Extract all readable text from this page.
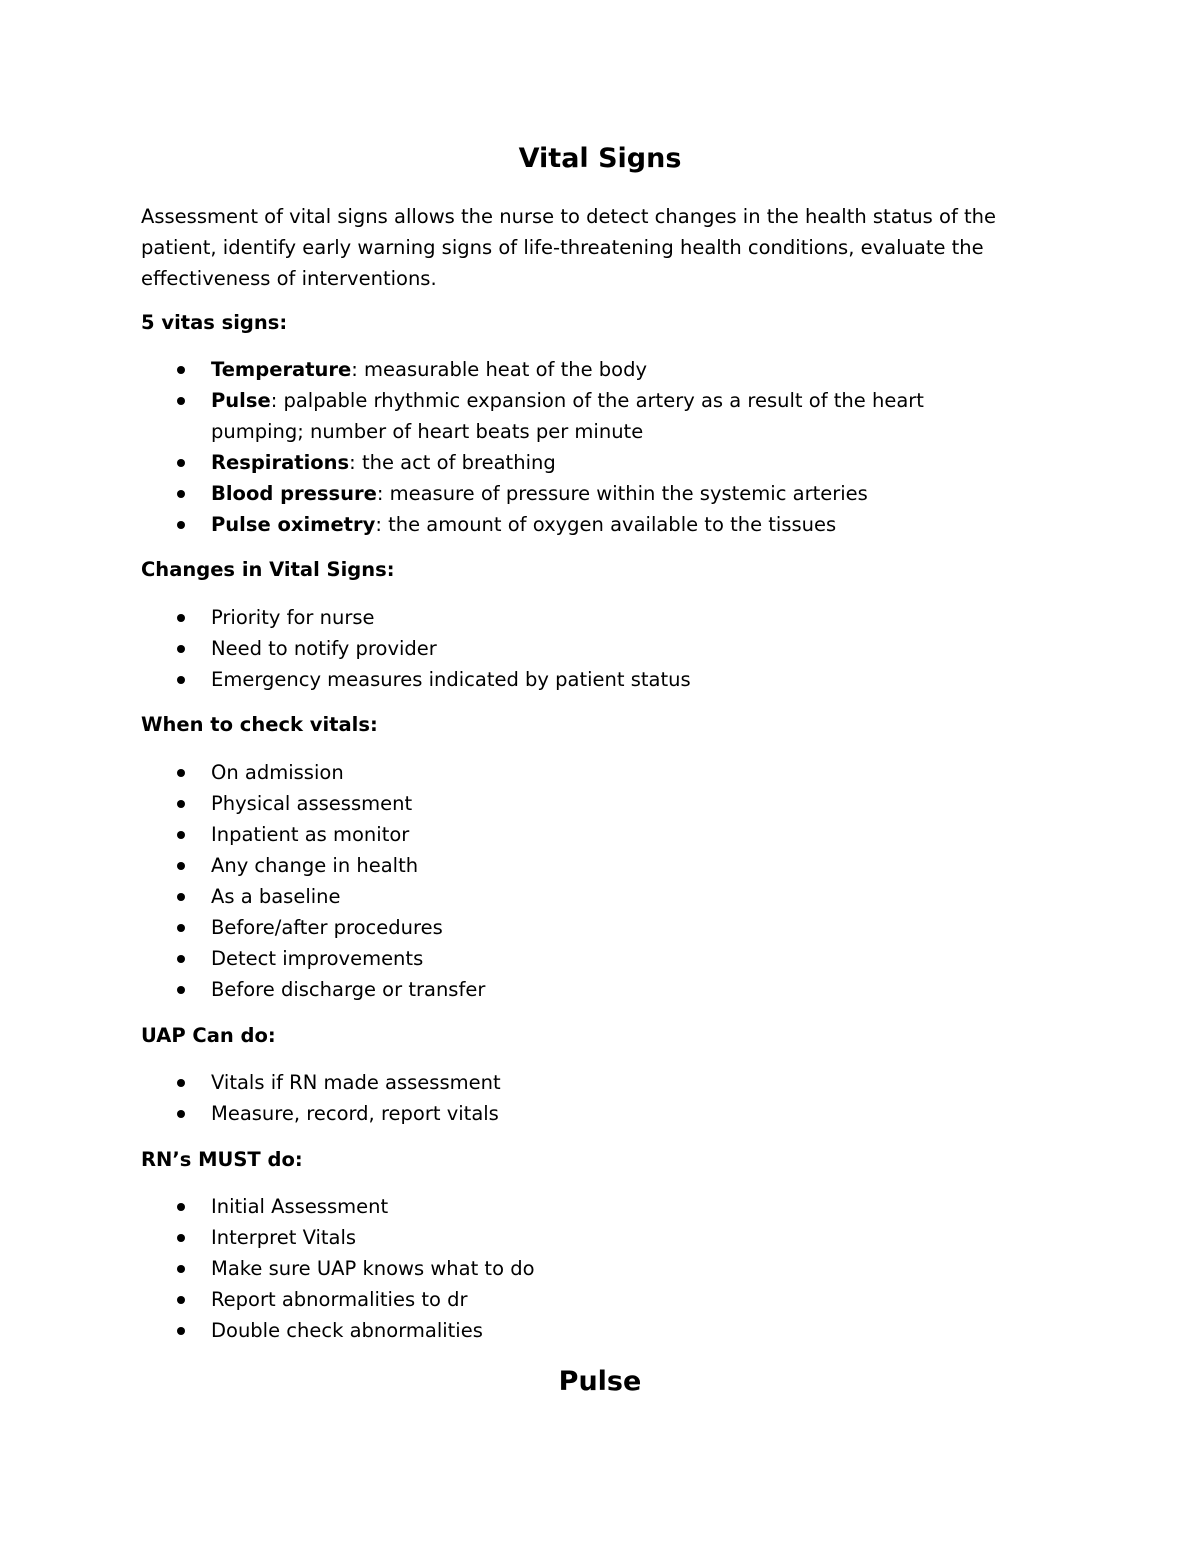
Vital Signs

Assessment of vital signs allows the nurse to detect changes in the health status of the patient, identify early warning signs of life-threatening health conditions, evaluate the effectiveness of interventions.

5 vitas signs:

Temperature: measurable heat of the body
Pulse: palpable rhythmic expansion of the artery as a result of the heart pumping; number of heart beats per minute
Respirations: the act of breathing
Blood pressure: measure of pressure within the systemic arteries
Pulse oximetry: the amount of oxygen available to the tissues

Changes in Vital Signs:

Priority for nurse
Need to notify provider
Emergency measures indicated by patient status

When to check vitals:

On admission
Physical assessment
Inpatient as monitor
Any change in health
As a baseline
Before/after procedures
Detect improvements
Before discharge or transfer

UAP Can do:

Vitals if RN made assessment
Measure, record, report vitals

RN’s MUST do:

Initial Assessment
Interpret Vitals
Make sure UAP knows what to do
Report abnormalities to dr
Double check abnormalities
Pulse
